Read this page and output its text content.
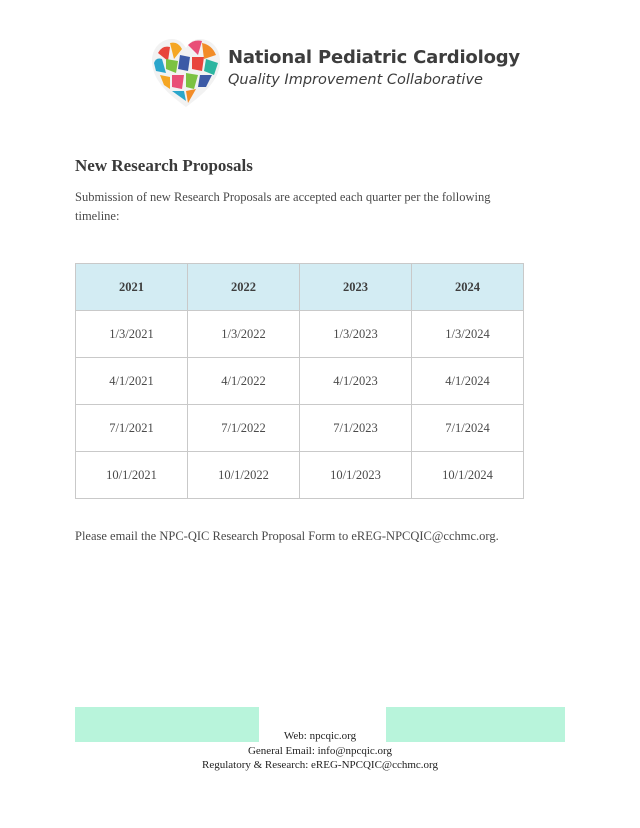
National Pediatric Cardiology
Quality Improvement Collaborative
New Research Proposals

Submission of new Research Proposals are accepted each quarter per the following timeline:

2021	2022	2023	2024
1/3/2021	1/3/2022	1/3/2023	1/3/2024
4/1/2021	4/1/2022	4/1/2023	4/1/2024
7/1/2021	7/1/2022	7/1/2023	7/1/2024
10/1/2021	10/1/2022	10/1/2023	10/1/2024

Please email the NPC-QIC Research Proposal Form to eREG-NPCQIC@cchmc.org.

Web: npcqic.org
General Email: info@npcqic.org
Regulatory & Research: eREG-NPCQIC@cchmc.org
